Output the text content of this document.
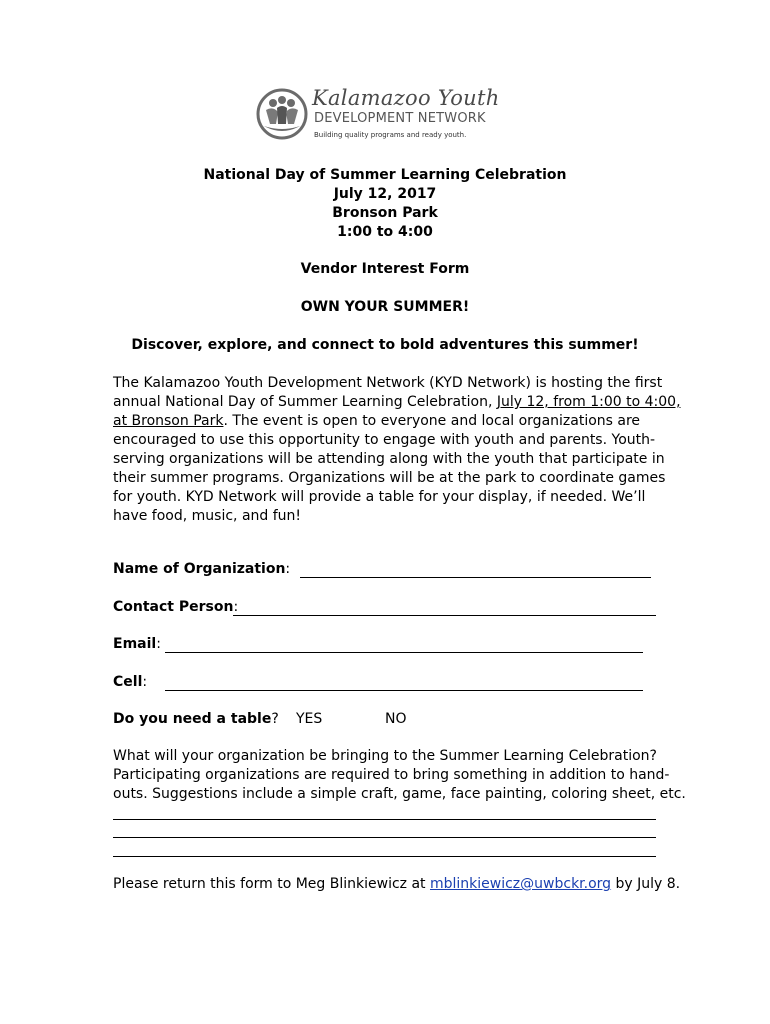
Kalamazoo Youth
DEVELOPMENT NETWORK
Building quality programs and ready youth.
National Day of Summer Learning Celebration
July 12, 2017
Bronson Park
1:00 to 4:00
Vendor Interest Form
OWN YOUR SUMMER!
Discover, explore, and connect to bold adventures this summer!
The Kalamazoo Youth Development Network (KYD Network) is hosting the first
annual National Day of Summer Learning Celebration, July 12, from 1:00 to 4:00,
at Bronson Park. The event is open to everyone and local organizations are
encouraged to use this opportunity to engage with youth and parents. Youth-
serving organizations will be attending along with the youth that participate in
their summer programs. Organizations will be at the park to coordinate games
for youth. KYD Network will provide a table for your display, if needed. We’ll
have food, music, and fun!
Name of Organization:
Contact Person:
Email:
Cell:
Do you need a table? YES	NO
What will your organization be bringing to the Summer Learning Celebration?
Participating organizations are required to bring something in addition to hand-
outs. Suggestions include a simple craft, game, face painting, coloring sheet, etc.
Please return this form to Meg Blinkiewicz at mblinkiewicz@uwbckr.org by July 8.
